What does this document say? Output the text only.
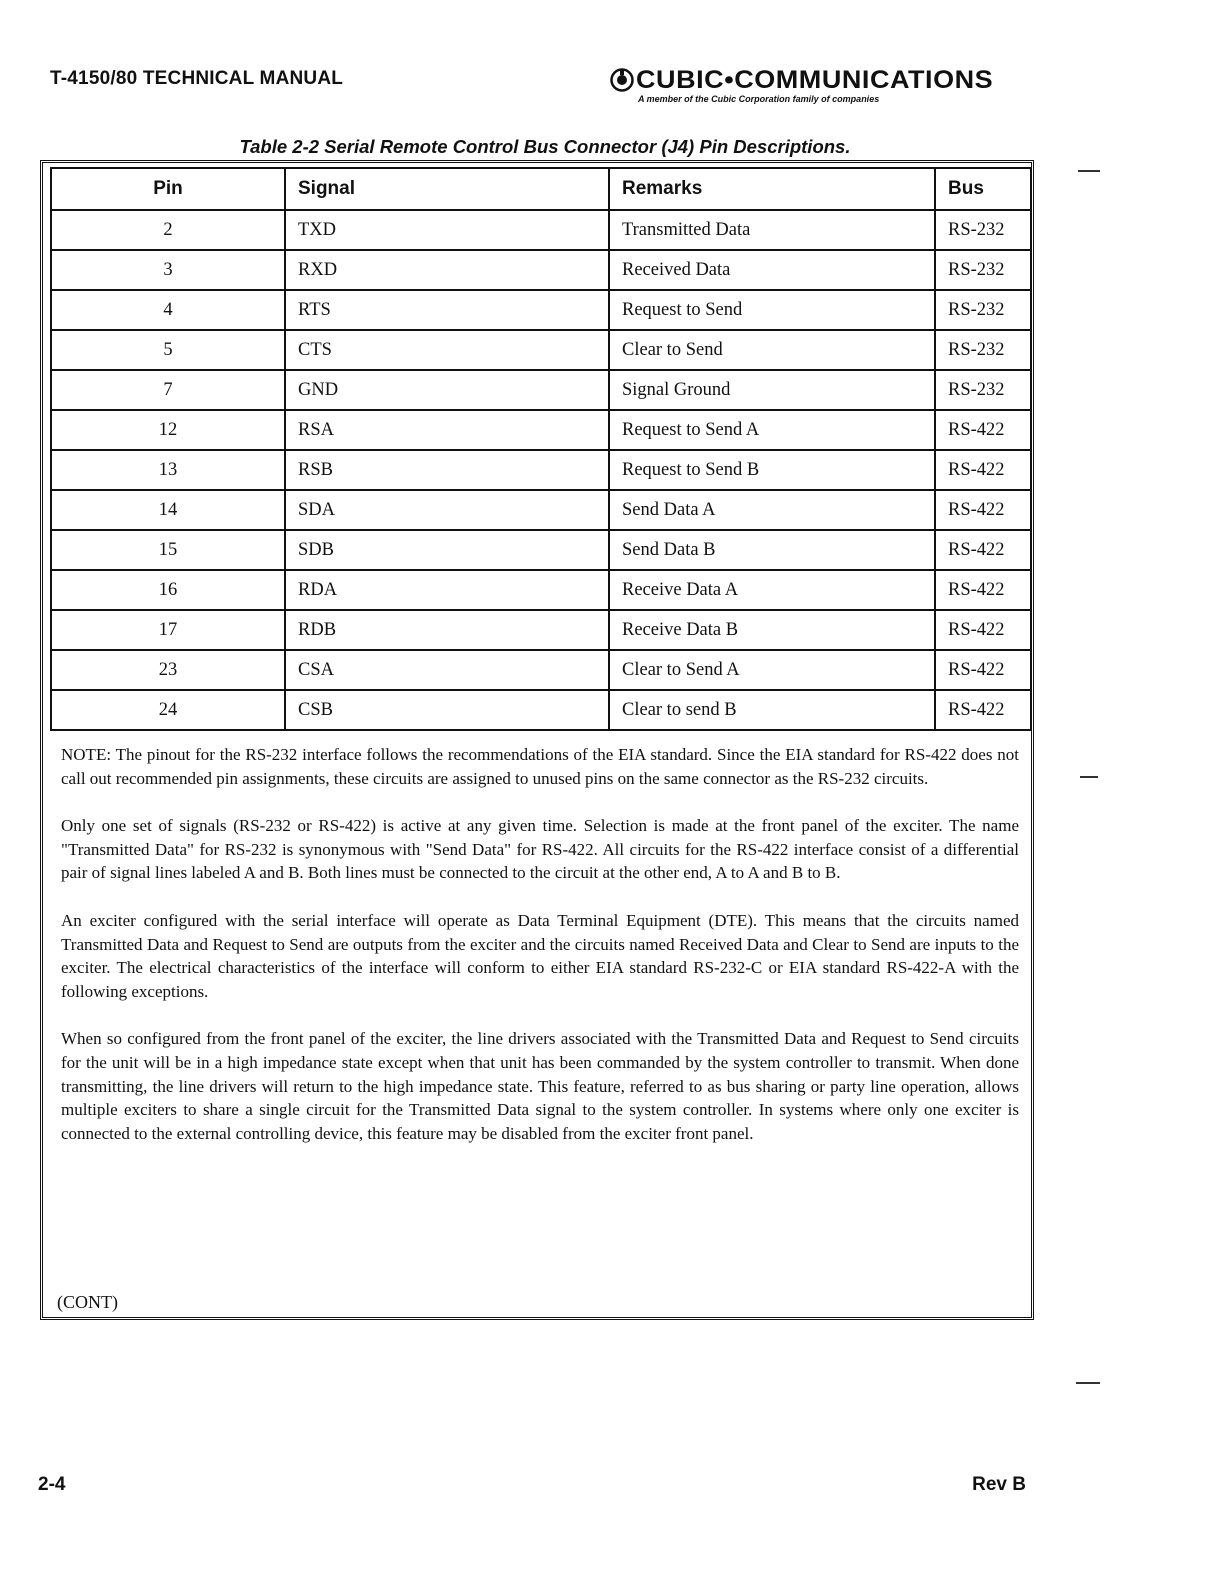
T-4150/80 TECHNICAL MANUAL	CUBIC•COMMUNICATIONS
A member of the Cubic Corporation family of companies
Table 2-2 Serial Remote Control Bus Connector (J4) Pin Descriptions.
Pin	Signal	Remarks	Bus
2	TXD	Transmitted Data	RS-232
3	RXD	Received Data	RS-232
4	RTS	Request to Send	RS-232
5	CTS	Clear to Send	RS-232
7	GND	Signal Ground	RS-232
12	RSA	Request to Send A	RS-422
13	RSB	Request to Send B	RS-422
14	SDA	Send Data A	RS-422
15	SDB	Send Data B	RS-422
16	RDA	Receive Data A	RS-422
17	RDB	Receive Data B	RS-422
23	CSA	Clear to Send A	RS-422
24	CSB	Clear to send B	RS-422

NOTE: The pinout for the RS-232 interface follows the recommendations of the EIA standard. Since the EIA standard for RS-422 does not call out recommended pin assignments, these circuits are assigned to unused pins on the same connector as the RS-232 circuits.

Only one set of signals (RS-232 or RS-422) is active at any given time. Selection is made at the front panel of the exciter. The name "Transmitted Data" for RS-232 is synonymous with "Send Data" for RS-422. All circuits for the RS-422 interface consist of a differential pair of signal lines labeled A and B. Both lines must be connected to the circuit at the other end, A to A and B to B.

An exciter configured with the serial interface will operate as Data Terminal Equipment (DTE). This means that the circuits named Transmitted Data and Request to Send are outputs from the exciter and the circuits named Received Data and Clear to Send are inputs to the exciter. The electrical characteristics of the interface will conform to either EIA standard RS-232-C or EIA standard RS-422-A with the following exceptions.

When so configured from the front panel of the exciter, the line drivers associated with the Transmitted Data and Request to Send circuits for the unit will be in a high impedance state except when that unit has been commanded by the system controller to transmit. When done transmitting, the line drivers will return to the high impedance state. This feature, referred to as bus sharing or party line operation, allows multiple exciters to share a single circuit for the Transmitted Data signal to the system controller. In systems where only one exciter is connected to the external controlling device, this feature may be disabled from the exciter front panel.

(CONT)
2-4	Rev B
